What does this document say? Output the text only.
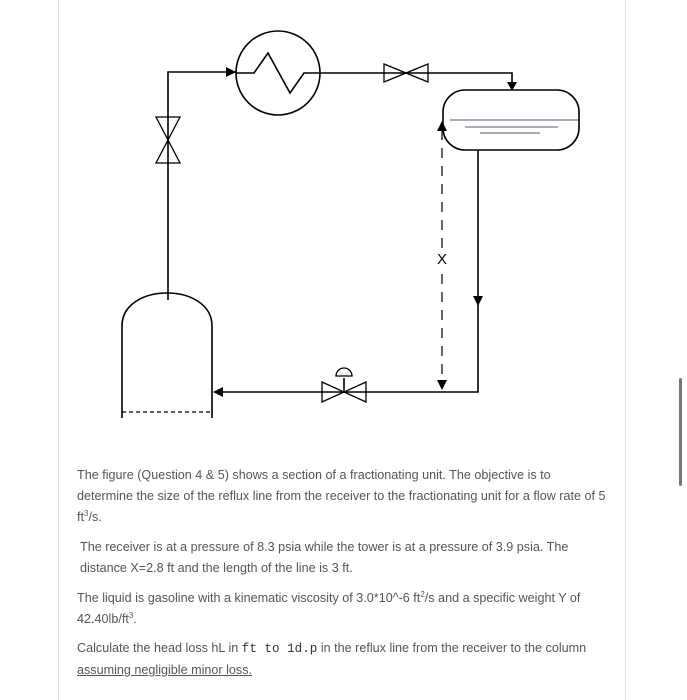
X
The figure (Question 4 & 5) shows a section of a fractionating unit. The objective is to determine the size of the reflux line from the receiver to the fractionating unit for a flow rate of 5 $ft^3/s$.
The receiver is at a pressure of 8.3 psia while the tower is at a pressure of 3.9 psia. The distance X=2.8 ft and the length of the line is 3 ft.
The liquid is gasoline with a kinematic viscosity of 3.0*10^-6 $ft^2/s$ and a specific weight Y of $42.40lb/ft^3$.
Calculate the head loss hL in ft to 1d.p in the reflux line from the receiver to the column assuming negligible minor loss.
